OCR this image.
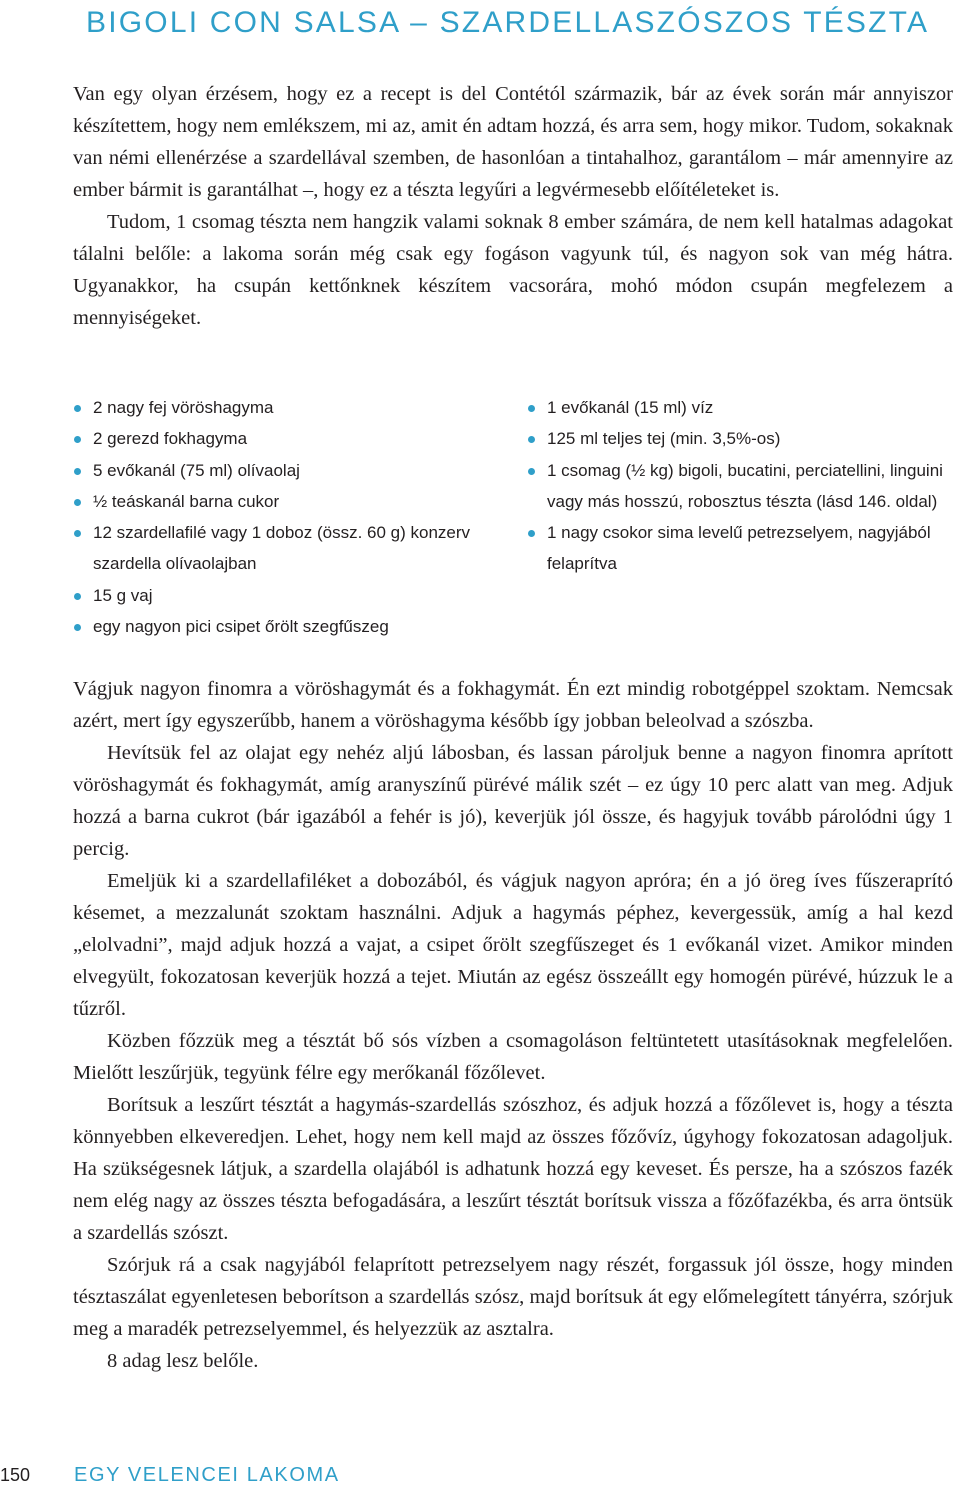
BIGOLI CON SALSA – SZARDELLASZÓSZOS TÉSZTA

Van egy olyan érzésem, hogy ez a recept is del Contétól származik, bár az évek során már annyiszor készítettem, hogy nem emlékszem, mi az, amit én adtam hozzá, és arra sem, hogy mikor. Tudom, sokaknak van némi ellenérzése a szardellával szemben, de hasonlóan a tintahalhoz, garantálom – már amennyire az ember bármit is garantálhat –, hogy ez a tészta legyűri a legvérmesebb előítéleteket is.

Tudom, 1 csomag tészta nem hangzik valami soknak 8 ember számára, de nem kell hatalmas adagokat tálalni belőle: a lakoma során még csak egy fogáson vagyunk túl, és nagyon sok van még hátra. Ugyanakkor, ha csupán kettőnknek készítem vacsorára, mohó módon csupán megfelezem a mennyiségeket.

2 nagy fej vöröshagyma
2 gerezd fokhagyma
5 evőkanál (75 ml) olívaolaj
½ teáskanál barna cukor
12 szardellafilé vagy 1 doboz (össz. 60 g) konzerv szardella olívaolajban
15 g vaj
egy nagyon pici csipet őrölt szegfűszeg
1 evőkanál (15 ml) víz
125 ml teljes tej (min. 3,5%-os)
1 csomag (½ kg) bigoli, bucatini, perciatellini, linguini vagy más hosszú, robosztus tészta (lásd 146. oldal)
1 nagy csokor sima levelű petrezselyem, nagyjából felaprítva

Vágjuk nagyon finomra a vöröshagymát és a fokhagymát. Én ezt mindig robotgéppel szoktam. Nemcsak azért, mert így egyszerűbb, hanem a vöröshagyma később így jobban beleolvad a szószba.

Hevítsük fel az olajat egy nehéz aljú lábosban, és lassan pároljuk benne a nagyon finomra aprított vöröshagymát és fokhagymát, amíg aranyszínű pürévé málik szét – ez úgy 10 perc alatt van meg. Adjuk hozzá a barna cukrot (bár igazából a fehér is jó), keverjük jól össze, és hagyjuk tovább párolódni úgy 1 percig.

Emeljük ki a szardellafiléket a dobozából, és vágjuk nagyon apróra; én a jó öreg íves fűszeraprító késemet, a mezzalunát szoktam használni. Adjuk a hagymás péphez, kevergessük, amíg a hal kezd „elolvadni”, majd adjuk hozzá a vajat, a csipet őrölt szegfűszeget és 1 evőkanál vizet. Amikor minden elvegyült, fokozatosan keverjük hozzá a tejet. Miután az egész összeállt egy homogén pürévé, húzzuk le a tűzről.

Közben főzzük meg a tésztát bő sós vízben a csomagoláson feltüntetett utasításoknak megfelelően. Mielőtt leszűrjük, tegyünk félre egy merőkanál főzőlevet.

Borítsuk a leszűrt tésztát a hagymás-szardellás szószhoz, és adjuk hozzá a főzőlevet is, hogy a tészta könnyebben elkeveredjen. Lehet, hogy nem kell majd az összes főzővíz, úgyhogy fokozatosan adagoljuk. Ha szükségesnek látjuk, a szardella olajából is adhatunk hozzá egy keveset. És persze, ha a szószos fazék nem elég nagy az összes tészta befogadására, a leszűrt tésztát borítsuk vissza a főzőfazékba, és arra öntsük a szardellás szószt.

Szórjuk rá a csak nagyjából felaprított petrezselyem nagy részét, forgassuk jól össze, hogy minden tésztaszálat egyenletesen beborítson a szardellás szósz, majd borítsuk át egy előmelegített tányérra, szórjuk meg a maradék petrezselyemmel, és helyezzük az asztalra.

8 adag lesz belőle.

150 EGY VELENCEI LAKOMA
